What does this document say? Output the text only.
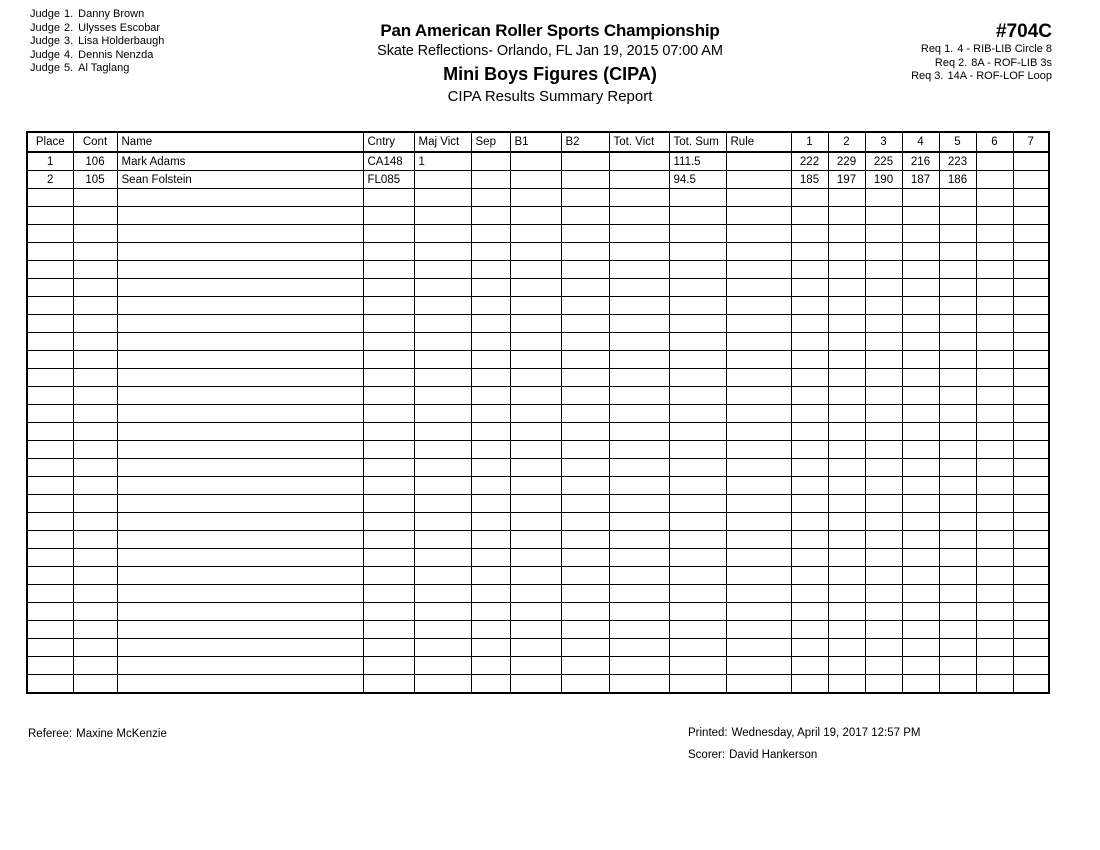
Judge 1. Danny Brown
Judge 2. Ulysses Escobar
Judge 3. Lisa Holderbaugh
Judge 4. Dennis Nenzda
Judge 5. Al Taglang
Pan American Roller Sports Championship
Skate Reflections- Orlando, FL Jan 19, 2015 07:00 AM
Mini Boys Figures (CIPA)
CIPA Results Summary Report
#704C
Req 1. 4 - RIB-LIB Circle 8
Req 2. 8A - ROF-LIB 3s
Req 3. 14A - ROF-LOF Loop
Place	Cont	Name	Cntry	Maj Vict	Sep	B1	B2	Tot. Vict	Tot. Sum	Rule	1	2	3	4	5	6	7
1	106	Mark Adams	CA148	1					111.5		222	229	225	216	223		
2	105	Sean Folstein	FL085						94.5		185	197	190	187	186		

Referee: Maxine McKenzie	Printed: Wednesday, April 19, 2017 12:57 PM
Scorer: David Hankerson
